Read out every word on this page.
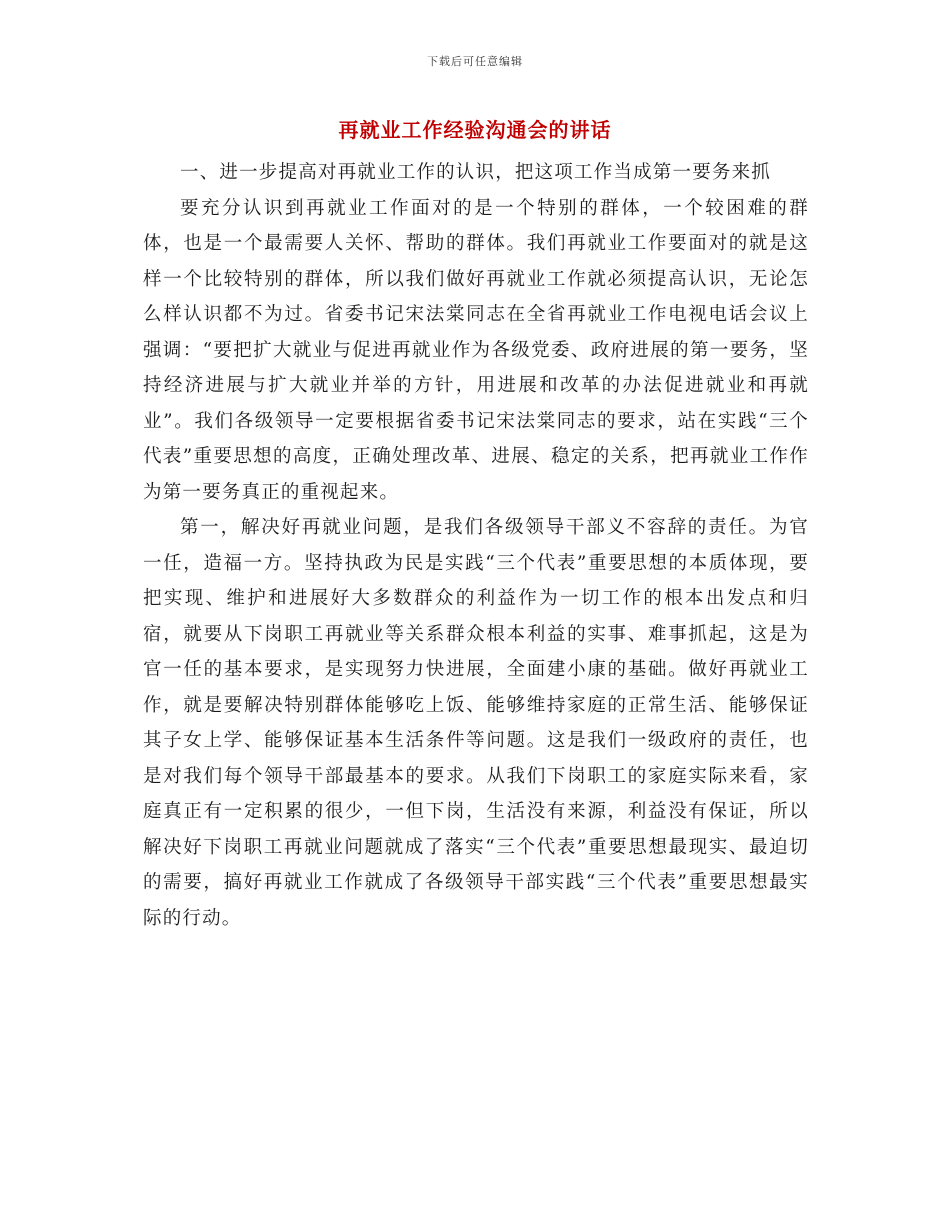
下载后可任意编辑
再就业工作经验沟通会的讲话

一、进一步提高对再就业工作的认识，把这项工作当成第一要务来抓

要充分认识到再就业工作面对的是一个特别的群体，一个较困难的群体，也是一个最需要人关怀、帮助的群体。我们再就业工作要面对的就是这样一个比较特别的群体，所以我们做好再就业工作就必须提高认识，无论怎么样认识都不为过。省委书记宋法棠同志在全省再就业工作电视电话会议上强调：“要把扩大就业与促进再就业作为各级党委、政府进展的第一要务，坚持经济进展与扩大就业并举的方针，用进展和改革的办法促进就业和再就业”。我们各级领导一定要根据省委书记宋法棠同志的要求，站在实践“三个代表”重要思想的高度，正确处理改革、进展、稳定的关系，把再就业工作作为第一要务真正的重视起来。

第一，解决好再就业问题，是我们各级领导干部义不容辞的责任。为官一任，造福一方。坚持执政为民是实践“三个代表”重要思想的本质体现，要把实现、维护和进展好大多数群众的利益作为一切工作的根本出发点和归宿，就要从下岗职工再就业等关系群众根本利益的实事、难事抓起，这是为官一任的基本要求，是实现努力快进展，全面建小康的基础。做好再就业工作，就是要解决特别群体能够吃上饭、能够维持家庭的正常生活、能够保证其子女上学、能够保证基本生活条件等问题。这是我们一级政府的责任，也是对我们每个领导干部最基本的要求。从我们下岗职工的家庭实际来看，家庭真正有一定积累的很少，一但下岗，生活没有来源，利益没有保证，所以解决好下岗职工再就业问题就成了落实“三个代表”重要思想最现实、最迫切的需要，搞好再就业工作就成了各级领导干部实践“三个代表”重要思想最实际的行动。
